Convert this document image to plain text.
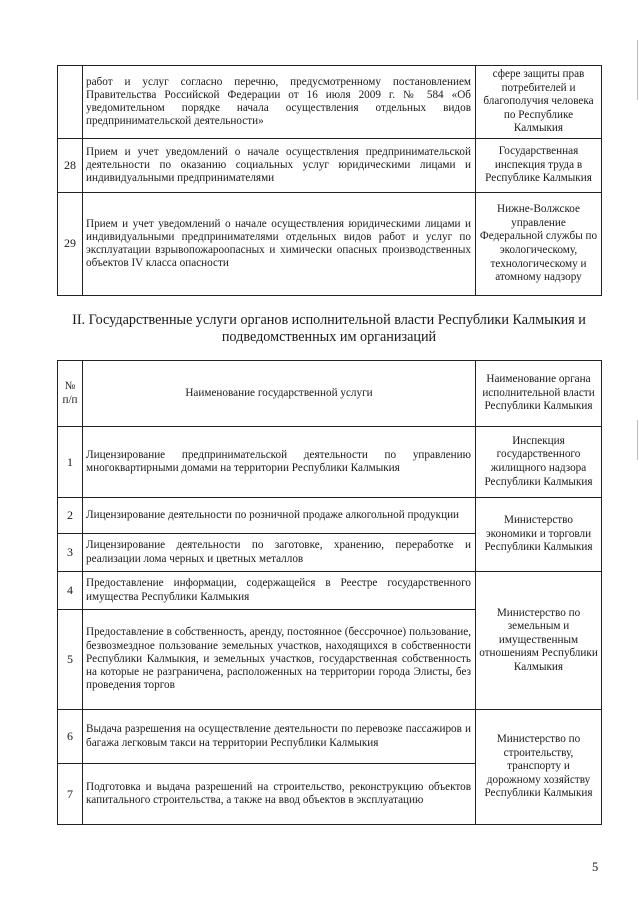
	работ и услуг согласно перечню, предусмотренному постановлением Правительства Российской Федерации от 16 июля 2009 г. № 584 «Об уведомительном порядке начала осуществления отдельных видов предпринимательской деятельности»	сфере защиты прав потребителей и благополучия человека по Республике Калмыкия
28	Прием и учет уведомлений о начале осуществления предпринимательской деятельности по оказанию социальных услуг юридическими лицами и индивидуальными предпринимателями	Государственная инспекция труда в Республике Калмыкия
29	Прием и учет уведомлений о начале осуществления юридическими лицами и индивидуальными предпринимателями отдельных видов работ и услуг по эксплуатации взрывопожароопасных и химически опасных производственных объектов IV класса опасности	Нижне-Волжское управление Федеральной службы по экологическому, технологическому и атомному надзору

II. Государственные услуги органов исполнительной власти Республики Калмыкия и подведомственных им организаций

№ п/п	Наименование государственной услуги	Наименование органа исполнительной власти Республики Калмыкия
1	Лицензирование предпринимательской деятельности по управлению многоквартирными домами на территории Республики Калмыкия	Инспекция государственного жилищного надзора Республики Калмыкия
2	Лицензирование деятельности по розничной продаже алкогольной продукции	Министерство экономики и торговли Республики Калмыкия
3	Лицензирование деятельности по заготовке, хранению, переработке и реализации лома черных и цветных металлов	
4	Предоставление информации, содержащейся в Реестре государственного имущества Республики Калмыкия	Министерство по земельным и имущественным отношениям Республики Калмыкия
5	Предоставление в собственность, аренду, постоянное (бессрочное) пользование, безвозмездное пользование земельных участков, находящихся в собственности Республики Калмыкия, и земельных участков, государственная собственность на которые не разграничена, расположенных на территории города Элисты, без проведения торгов	
6	Выдача разрешения на осуществление деятельности по перевозке пассажиров и багажа легковым такси на территории Республики Калмыкия	Министерство по строительству, транспорту и дорожному хозяйству Республики Калмыкия
7	Подготовка и выдача разрешений на строительство, реконструкцию объектов капитального строительства, а также на ввод объектов в эксплуатацию	
5
